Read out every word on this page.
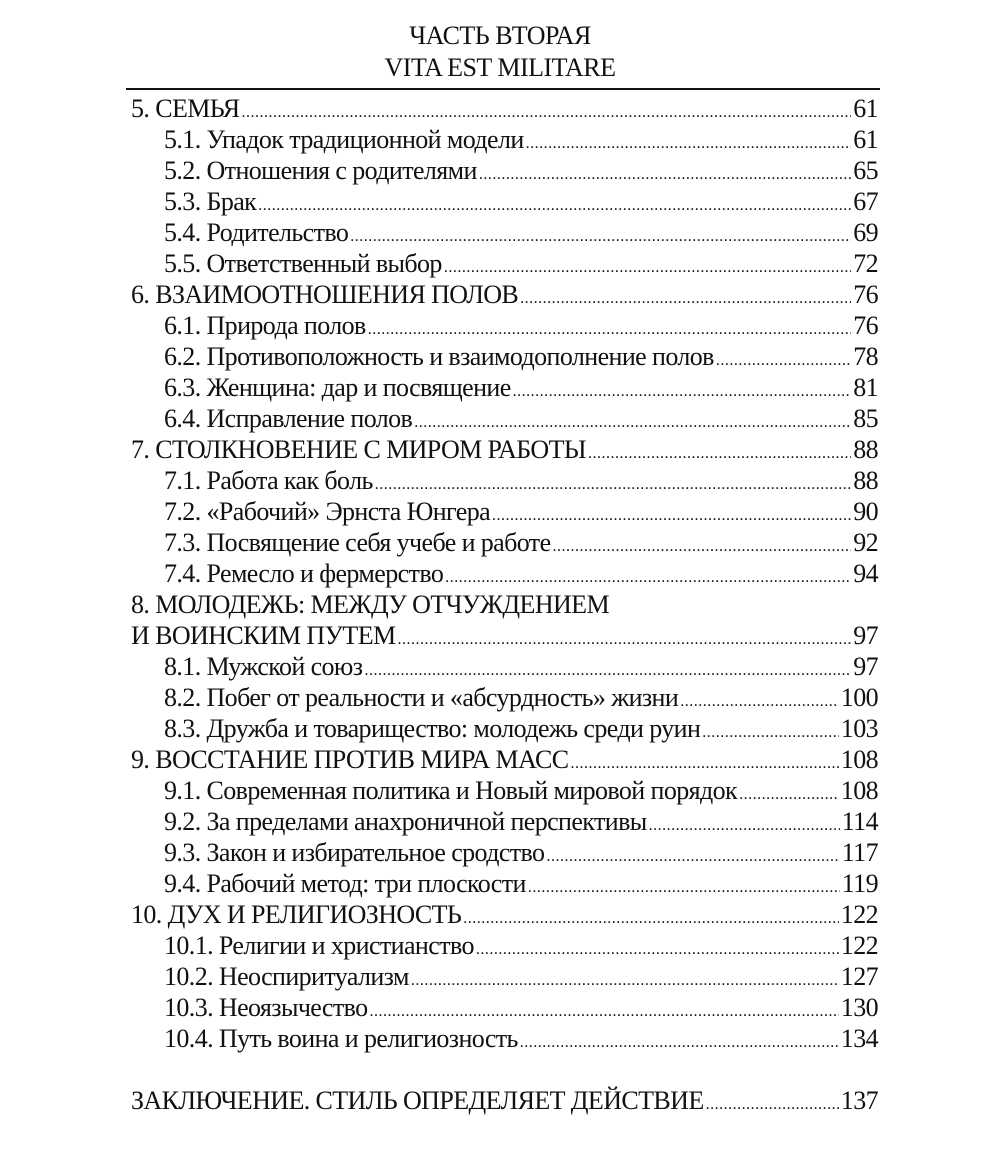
ЧАСТЬ ВТОРАЯ
VITA EST MILITARE
5. СЕМЬЯ .....	61
5.1. Упадок традиционной модели .....	61
5.2. Отношения с родителями .....	65
5.3. Брак .....	67
5.4. Родительство .....	69
5.5. Ответственный выбор .....	72
6. ВЗАИМООТНОШЕНИЯ ПОЛОВ .....	76
6.1. Природа полов .....	76
6.2. Противоположность и взаимодополнение полов .....	78
6.3. Женщина: дар и посвящение .....	81
6.4. Исправление полов .....	85
7. СТОЛКНОВЕНИЕ С МИРОМ РАБОТЫ .....	88
7.1. Работа как боль .....	88
7.2. «Рабочий» Эрнста Юнгера .....	90
7.3. Посвящение себя учебе и работе .....	92
7.4. Ремесло и фермерство .....	94
8. МОЛОДЕЖЬ: МЕЖДУ ОТЧУЖДЕНИЕМ
И ВОИНСКИМ ПУТЕМ .....	97
8.1. Мужской союз .....	97
8.2. Побег от реальности и «абсурдность» жизни .....	100
8.3. Дружба и товарищество: молодежь среди руин .....	103
9. ВОССТАНИЕ ПРОТИВ МИРА МАСС .....	108
9.1. Современная политика и Новый мировой порядок .....	108
9.2. За пределами анахроничной перспективы .....	114
9.3. Закон и избирательное сродство .....	117
9.4. Рабочий метод: три плоскости .....	119
10. ДУХ И РЕЛИГИОЗНОСТЬ .....	122
10.1. Религии и христианство .....	122
10.2. Неоспиритуализм .....	127
10.3. Неоязычество .....	130
10.4. Путь воина и религиозность .....	134
ЗАКЛЮЧЕНИЕ. СТИЛЬ ОПРЕДЕЛЯЕТ ДЕЙСТВИЕ .....	137
